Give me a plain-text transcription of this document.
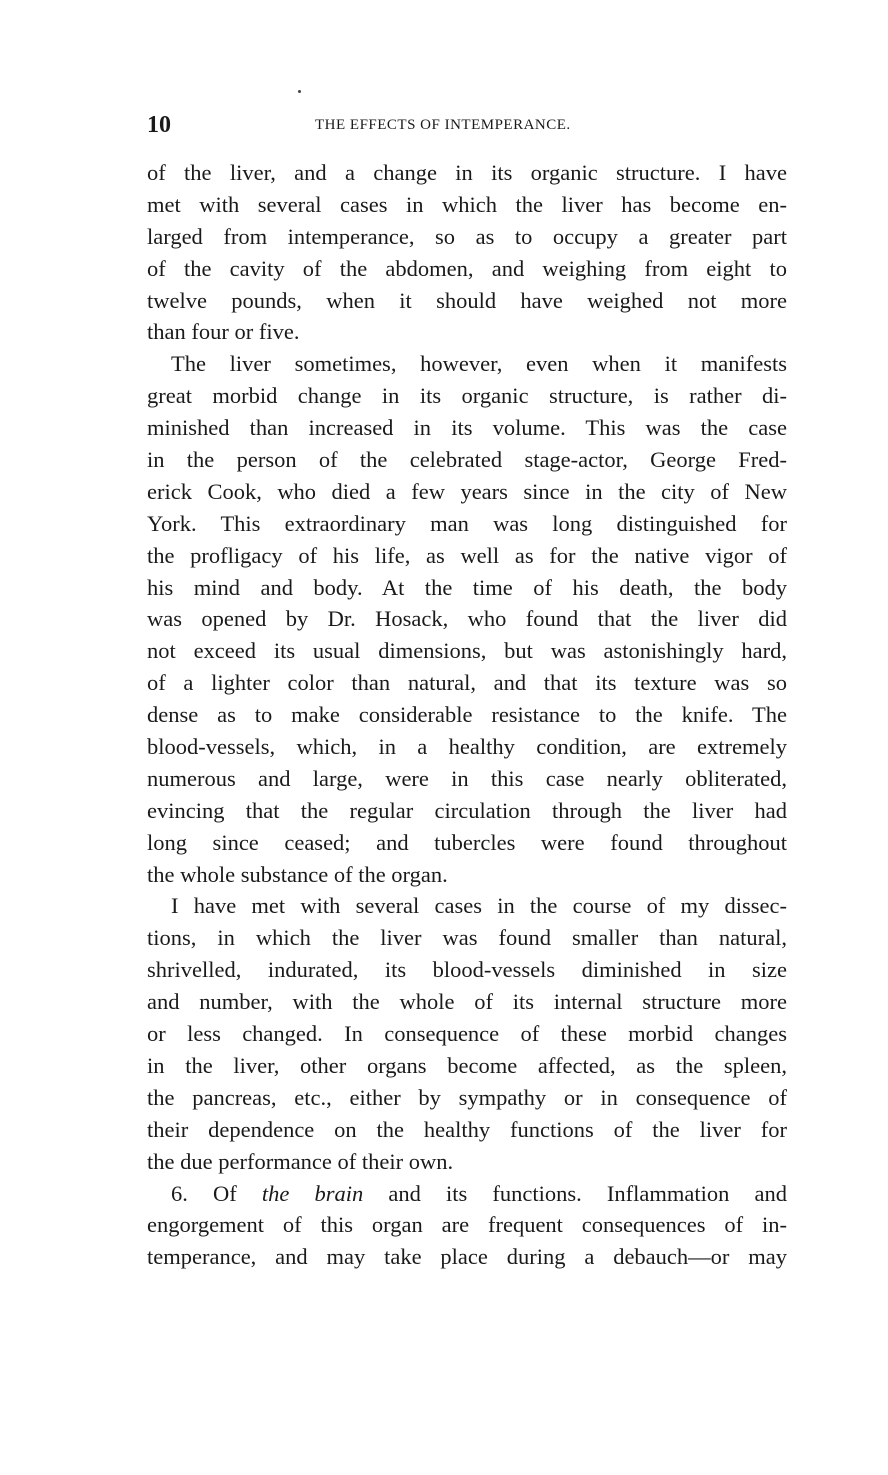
10	THE EFFECTS OF INTEMPERANCE.
of the liver, and a change in its organic structure. I have
met with several cases in which the liver has become en-
larged from intemperance, so as to occupy a greater part
of the cavity of the abdomen, and weighing from eight to
twelve pounds, when it should have weighed not more
than four or five.
The liver sometimes, however, even when it manifests
great morbid change in its organic structure, is rather di-
minished than increased in its volume. This was the case
in the person of the celebrated stage-actor, George Fred-
erick Cook, who died a few years since in the city of New
York. This extraordinary man was long distinguished for
the profligacy of his life, as well as for the native vigor of
his mind and body. At the time of his death, the body
was opened by Dr. Hosack, who found that the liver did
not exceed its usual dimensions, but was astonishingly hard,
of a lighter color than natural, and that its texture was so
dense as to make considerable resistance to the knife. The
blood-vessels, which, in a healthy condition, are extremely
numerous and large, were in this case nearly obliterated,
evincing that the regular circulation through the liver had
long since ceased; and tubercles were found throughout
the whole substance of the organ.
I have met with several cases in the course of my dissec-
tions, in which the liver was found smaller than natural,
shrivelled, indurated, its blood-vessels diminished in size
and number, with the whole of its internal structure more
or less changed. In consequence of these morbid changes
in the liver, other organs become affected, as the spleen,
the pancreas, etc., either by sympathy or in consequence of
their dependence on the healthy functions of the liver for
the due performance of their own.
6. Of the brain and its functions. Inflammation and
engorgement of this organ are frequent consequences of in-
temperance, and may take place during a debauch—or may
